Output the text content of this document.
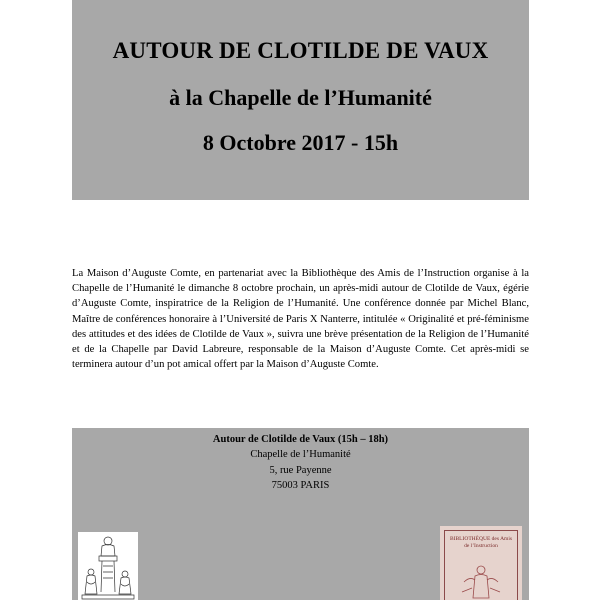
AUTOUR DE CLOTILDE DE VAUX
à la Chapelle de l’Humanité
8 Octobre 2017 - 15h

La Maison d’Auguste Comte, en partenariat avec la Bibliothèque des Amis de l’Instruction organise à la Chapelle de l’Humanité le dimanche 8 octobre prochain, un après-midi autour de Clotilde de Vaux, égérie d’Auguste Comte, inspiratrice de la Religion de l’Humanité. Une conférence donnée par Michel Blanc, Maître de conférences honoraire à l’Université de Paris X Nanterre, intitulée « Originalité et pré-féminisme des attitudes et des idées de Clotilde de Vaux », suivra une brève présentation de la Religion de l’Humanité et de la Chapelle par David Labreure, responsable de la Maison d’Auguste Comte. Cet après-midi se terminera autour d’un pot amical offert par la Maison d’Auguste Comte.

Autour de Clotilde de Vaux (15h – 18h)
Chapelle de l’Humanité
5, rue Payenne
75003 PARIS
BIBLIOTHÈQUE des Amis de l’Instruction
